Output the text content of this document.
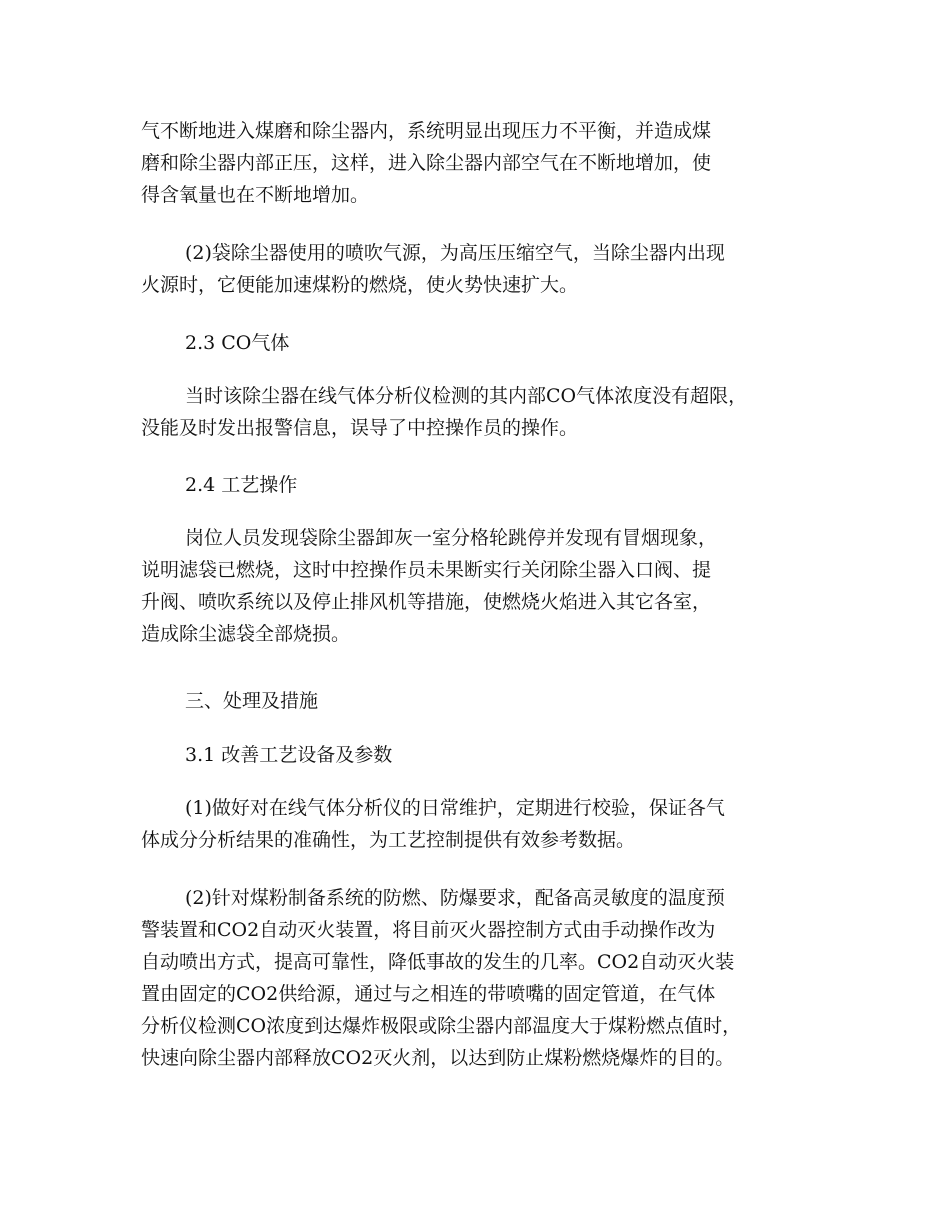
气不断地进入煤磨和除尘器内，系统明显出现压力不平衡，并造成煤
磨和除尘器内部正压，这样，进入除尘器内部空气在不断地增加，使
得含氧量也在不断地增加。
(2)袋除尘器使用的喷吹气源，为高压压缩空气，当除尘器内出现
火源时，它便能加速煤粉的燃烧，使火势快速扩大。
2.3 CO气体
当时该除尘器在线气体分析仪检测的其内部CO气体浓度没有超限，
没能及时发出报警信息，误导了中控操作员的操作。
2.4 工艺操作
岗位人员发现袋除尘器卸灰一室分格轮跳停并发现有冒烟现象，
说明滤袋已燃烧，这时中控操作员未果断实行关闭除尘器入口阀、提
升阀、喷吹系统以及停止排风机等措施，使燃烧火焰进入其它各室，
造成除尘滤袋全部烧损。
三、处理及措施
3.1 改善工艺设备及参数
(1)做好对在线气体分析仪的日常维护，定期进行校验，保证各气
体成分分析结果的准确性，为工艺控制提供有效参考数据。
(2)针对煤粉制备系统的防燃、防爆要求，配备高灵敏度的温度预
警装置和CO2自动灭火装置，将目前灭火器控制方式由手动操作改为
自动喷出方式，提高可靠性，降低事故的发生的几率。CO2自动灭火装
置由固定的CO2供给源，通过与之相连的带喷嘴的固定管道，在气体
分析仪检测CO浓度到达爆炸极限或除尘器内部温度大于煤粉燃点值时，
快速向除尘器内部释放CO2灭火剂，以达到防止煤粉燃烧爆炸的目的。
